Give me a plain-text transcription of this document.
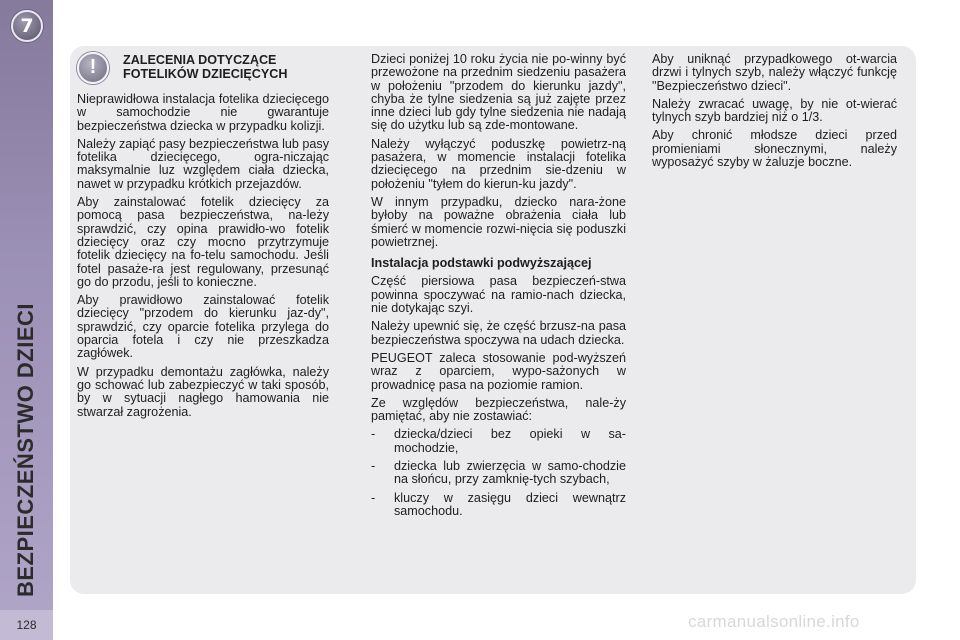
7
BEZPIECZEŃSTWO DZIECI
128
!	ZALECENIA DOTYCZĄCE
FOTELIKÓW DZIECIĘCYCH

Nieprawidłowa instalacja fotelika dziecięcego w samochodzie nie gwarantuje bezpieczeństwa dziecka w przypadku kolizji.

Należy zapiąć pasy bezpieczeństwa lub pasy fotelika dziecięcego, ogra-niczając maksymalnie luz względem ciała dziecka, nawet w przypadku krótkich przejazdów.

Aby zainstalować fotelik dziecięcy za pomocą pasa bezpieczeństwa, na-leży sprawdzić, czy opina prawidło-wo fotelik dziecięcy oraz czy mocno przytrzymuje fotelik dziecięcy na fo-telu samochodu. Jeśli fotel pasaże-ra jest regulowany, przesunąć go do przodu, jeśli to konieczne.

Aby prawidłowo zainstalować fotelik dziecięcy "przodem do kierunku jaz-dy", sprawdzić, czy oparcie fotelika przylega do oparcia fotela i czy nie przeszkadza zagłówek.

W przypadku demontażu zagłówka, należy go schować lub zabezpieczyć w taki sposób, by w sytuacji nagłego hamowania nie stwarzał zagrożenia.

Dzieci poniżej 10 roku życia nie po-winny być przewożone na przednim siedzeniu pasażera w położeniu "przodem do kierunku jazdy", chyba że tylne siedzenia są już zajęte przez inne dzieci lub gdy tylne siedzenia nie nadają się do użytku lub są zde-montowane.

Należy wyłączyć poduszkę powietrz-ną pasażera, w momencie instalacji fotelika dziecięcego na przednim sie-dzeniu w położeniu "tyłem do kierun-ku jazdy".

W innym przypadku, dziecko nara-żone byłoby na poważne obrażenia ciała lub śmierć w momencie rozwi-nięcia się poduszki powietrznej.

Instalacja podstawki podwyższającej

Część piersiowa pasa bezpieczeń-stwa powinna spoczywać na ramio-nach dziecka, nie dotykając szyi.

Należy upewnić się, że część brzusz-na pasa bezpieczeństwa spoczywa na udach dziecka.

PEUGEOT zaleca stosowanie pod-wyższeń wraz z oparciem, wypo-sażonych w prowadnicę pasa na poziomie ramion.

Ze względów bezpieczeństwa, nale-ży pamiętać, aby nie zostawiać:

- dziecka/dzieci bez opieki w sa-mochodzie,
- dziecka lub zwierzęcia w samo-chodzie na słońcu, przy zamknię-tych szybach,
- kluczy w zasięgu dzieci wewnątrz samochodu.

Aby uniknąć przypadkowego ot-warcia drzwi i tylnych szyb, należy włączyć funkcję "Bezpieczeństwo dzieci".

Należy zwracać uwagę, by nie ot-wierać tylnych szyb bardziej niż o 1/3.

Aby chronić młodsze dzieci przed promieniami słonecznymi, należy wyposażyć szyby w żaluzje boczne.

carmanualsonline.info
